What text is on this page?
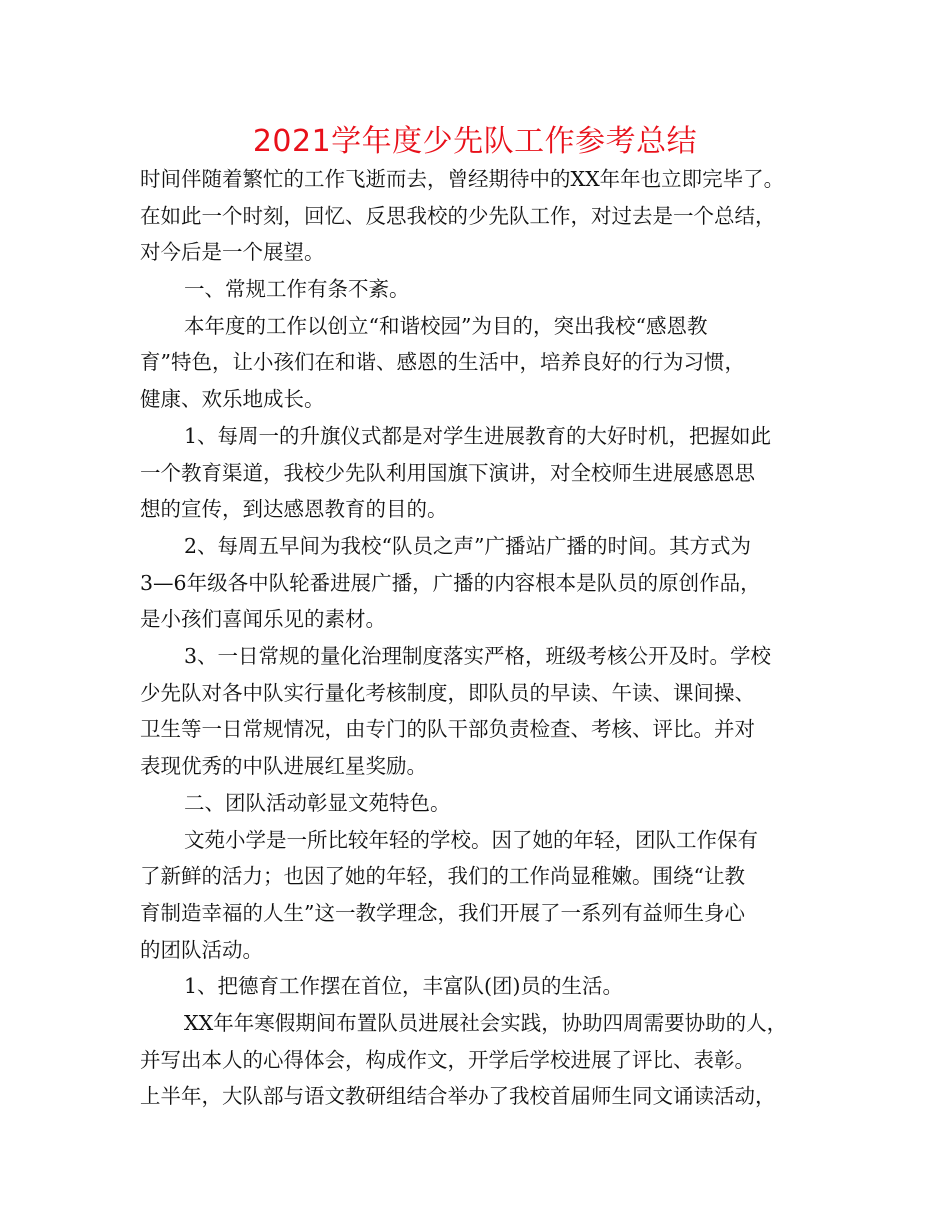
2021学年度少先队工作参考总结
时间伴随着繁忙的工作飞逝而去，曾经期待中的XX年年也立即完毕了。
在如此一个时刻，回忆、反思我校的少先队工作，对过去是一个总结，
对今后是一个展望。
一、常规工作有条不紊。
本年度的工作以创立“和谐校园”为目的，突出我校“感恩教
育”特色，让小孩们在和谐、感恩的生活中，培养良好的行为习惯，
健康、欢乐地成长。
1、每周一的升旗仪式都是对学生进展教育的大好时机，把握如此
一个教育渠道，我校少先队利用国旗下演讲，对全校师生进展感恩思
想的宣传，到达感恩教育的目的。
2、每周五早间为我校“队员之声”广播站广播的时间。其方式为
3—6年级各中队轮番进展广播，广播的内容根本是队员的原创作品，
是小孩们喜闻乐见的素材。
3、一日常规的量化治理制度落实严格，班级考核公开及时。学校
少先队对各中队实行量化考核制度，即队员的早读、午读、课间操、
卫生等一日常规情况，由专门的队干部负责检查、考核、评比。并对
表现优秀的中队进展红星奖励。
二、团队活动彰显文苑特色。
文苑小学是一所比较年轻的学校。因了她的年轻，团队工作保有
了新鲜的活力；也因了她的年轻，我们的工作尚显稚嫩。围绕“让教
育制造幸福的人生”这一教学理念，我们开展了一系列有益师生身心
的团队活动。
1、把德育工作摆在首位，丰富队(团)员的生活。
XX年年寒假期间布置队员进展社会实践，协助四周需要协助的人，
并写出本人的心得体会，构成作文，开学后学校进展了评比、表彰。
上半年，大队部与语文教研组结合举办了我校首届师生同文诵读活动，
